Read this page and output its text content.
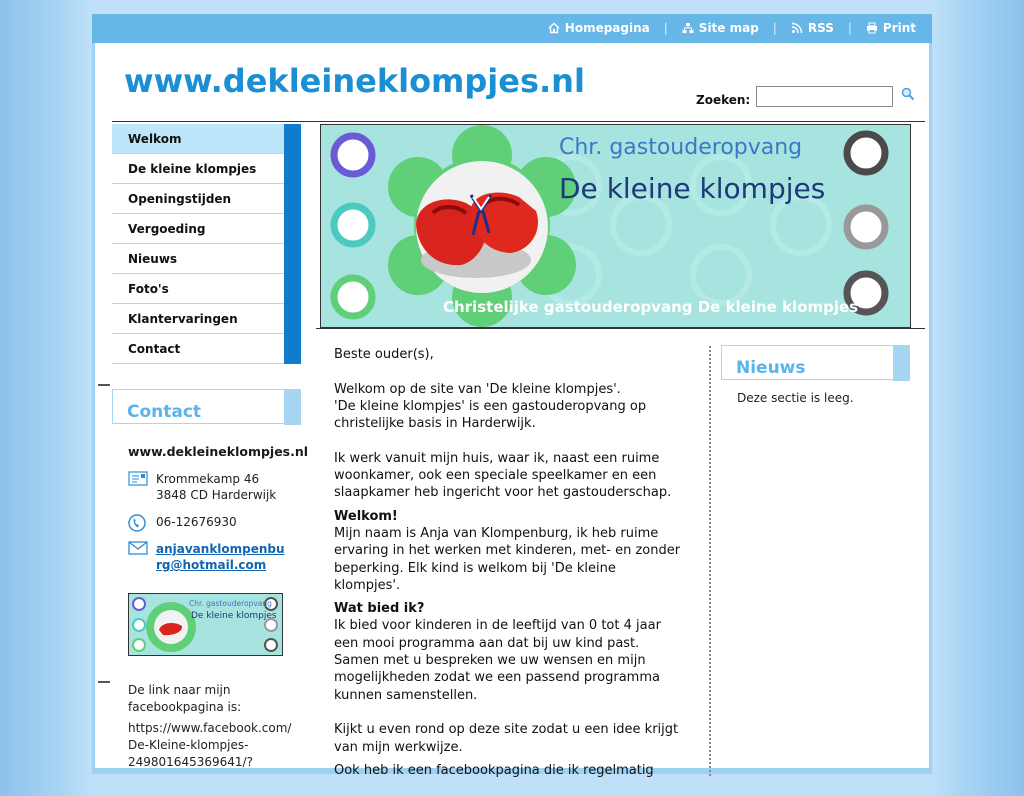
Homepagina |	Site map |	RSS |	Print
www.dekleineklompjes.nl	Zoeken:
Welkom
De kleine klompjes
Openingstijden
Vergoeding
Nieuws
Foto's
Klantervaringen
Contact
Contact
www.dekleineklompjes.nl
Krommekamp 46
3848 CD Harderwijk
06-12676930
anjavanklompenbu
rg@hotmail.com
Chr. gastouderopvang
De kleine klompjes
De link naar mijn facebookpagina is:
https://www.facebook.com/
De-Kleine-klompjes-
249801645369641/?
Chr. gastouderopvang
De kleine klompjes
Christelijke gastouderopvang De kleine klompjes

Beste ouder(s),

Welkom op de site van 'De kleine klompjes'.
'De kleine klompjes' is een gastouderopvang op christelijke basis in Harderwijk.

Ik werk vanuit mijn huis, waar ik, naast een ruime woonkamer, ook een speciale speelkamer en een slaapkamer heb ingericht voor het gastouderschap.

Welkom!

Mijn naam is Anja van Klompenburg, ik heb ruime ervaring in het werken met kinderen, met- en zonder beperking. Elk kind is welkom bij 'De kleine klompjes'.

Wat bied ik?

Ik bied voor kinderen in de leeftijd van 0 tot 4 jaar een mooi programma aan dat bij uw kind past. Samen met u bespreken we uw wensen en mijn mogelijkheden zodat we een passend programma kunnen samenstellen.

Kijkt u even rond op deze site zodat u een idee krijgt van mijn werkwijze.

Ook heb ik een facebookpagina die ik regelmatig

Nieuws
Deze sectie is leeg.
